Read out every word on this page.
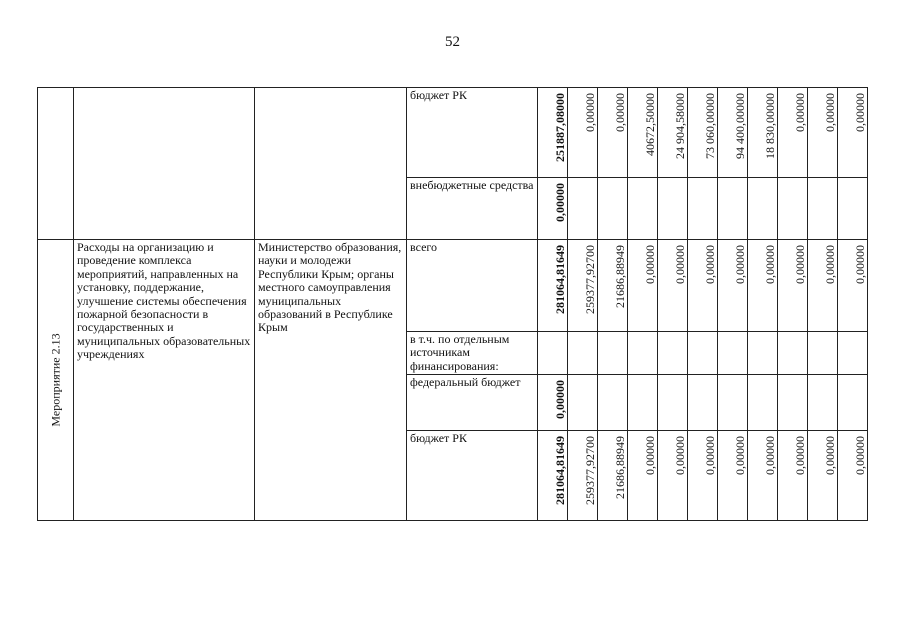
52
			бюджет РК	251887,08000	0,00000	0,00000	40672,50000	24 904,58000	73 060,00000	94 400,00000	18 830,00000	0,00000	0,00000	0,00000

			внебюджетные средства	0,00000										

Мероприятие 2.13	Расходы на организацию и проведение комплекса мероприятий, направленных на установку, поддержание, улучшение системы обеспечения пожарной безопасности в государственных и муниципальных образовательных учреждениях	Министерство образования, науки и молодежи Республики Крым; органы местного самоуправления муниципальных образований в Республике Крым	всего	281064,81649	259377,92700	21686,88949	0,00000	0,00000	0,00000	0,00000	0,00000	0,00000	0,00000	0,00000

			в т.ч. по отдельным источникам финансирования:	

			федеральный бюджет	0,00000										

			бюджет РК	281064,81649	259377,92700	21686,88949	0,00000	0,00000	0,00000	0,00000	0,00000	0,00000	0,00000	0,00000
